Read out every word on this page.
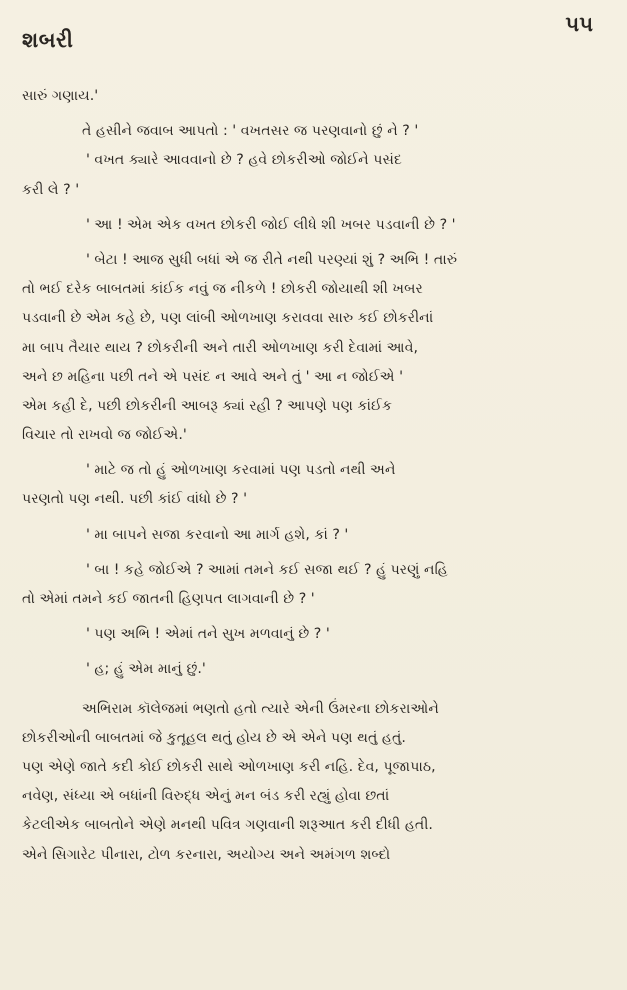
શબરી
૫૫
સારું ગણાય.'
તે હસીને જવાબ આપતો : ' વખતસર જ પરણવાનો છું ને ? '
' વખત ક્યારે આવવાનો છે ? હવે છોકરીઓ જોઈને પસંદ
કરી લે ? '
' આ ! એમ એક વખત છોકરી જોઈ લીધે શી ખબર પડવાની છે ? '
' બેટા ! આજ સુધી બધાં એ જ રીતે નથી પરણ્યાં શું ? અભિ ! તારું
તો ભઈ દરેક બાબતમાં કાંઈક નવું જ નીકળે ! છોકરી જોયાથી શી ખબર
પડવાની છે એમ કહે છે, પણ લાંબી ઓળખાણ કરાવવા સારુ કઈ છોકરીનાં
મા બાપ તૈયાર થાય ? છોકરીની અને તારી ઓળખાણ કરી દેવામાં આવે,
અને છ મહિના પછી તને એ પસંદ ન આવે અને તું ' આ ન જોઈએ '
એમ કહી દે, પછી છોકરીની આબરૂ ક્યાં રહી ? આપણે પણ કાંઈક
વિચાર તો રાખવો જ જોઈએ.'
' માટે જ તો હું ઓળખાણ કરવામાં પણ પડતો નથી અને
પરણતો પણ નથી. પછી કાંઈ વાંધો છે ? '
' મા બાપને સજા કરવાનો આ માર્ગ હશે, કાં ? '
' બા ! કહે જોઈએ ? આમાં તમને કઈ સજા થઈ ? હું પરણું નહિ
તો એમાં તમને કઈ જાતની હિણપત લાગવાની છે ? '
' પણ અભિ ! એમાં તને સુખ મળવાનું છે ? '
' હ; હું એમ માનું છું.'
અભિરામ કૉલેજમાં ભણતો હતો ત્યારે એની ઉંમરના છોકરાઓને
છોકરીઓની બાબતમાં જે કુતૂહલ થતું હોય છે એ એને પણ થતું હતું.
પણ એણે જાતે કદી કોઈ છોકરી સાથે ઓળખાણ કરી નહિ. દેવ, પૂજાપાઠ,
નવેણ, સંધ્યા એ બધાંની વિરુદ્ધ એનું મન બંડ કરી રહ્યું હોવા છતાં
કેટલીએક બાબતોને એણે મનથી પવિત્ર ગણવાની શરૂઆત કરી દીધી હતી.
એને સિગારેટ પીનારા, ટોળ કરનારા, અયોગ્ય અને અમંગળ શબ્દો
